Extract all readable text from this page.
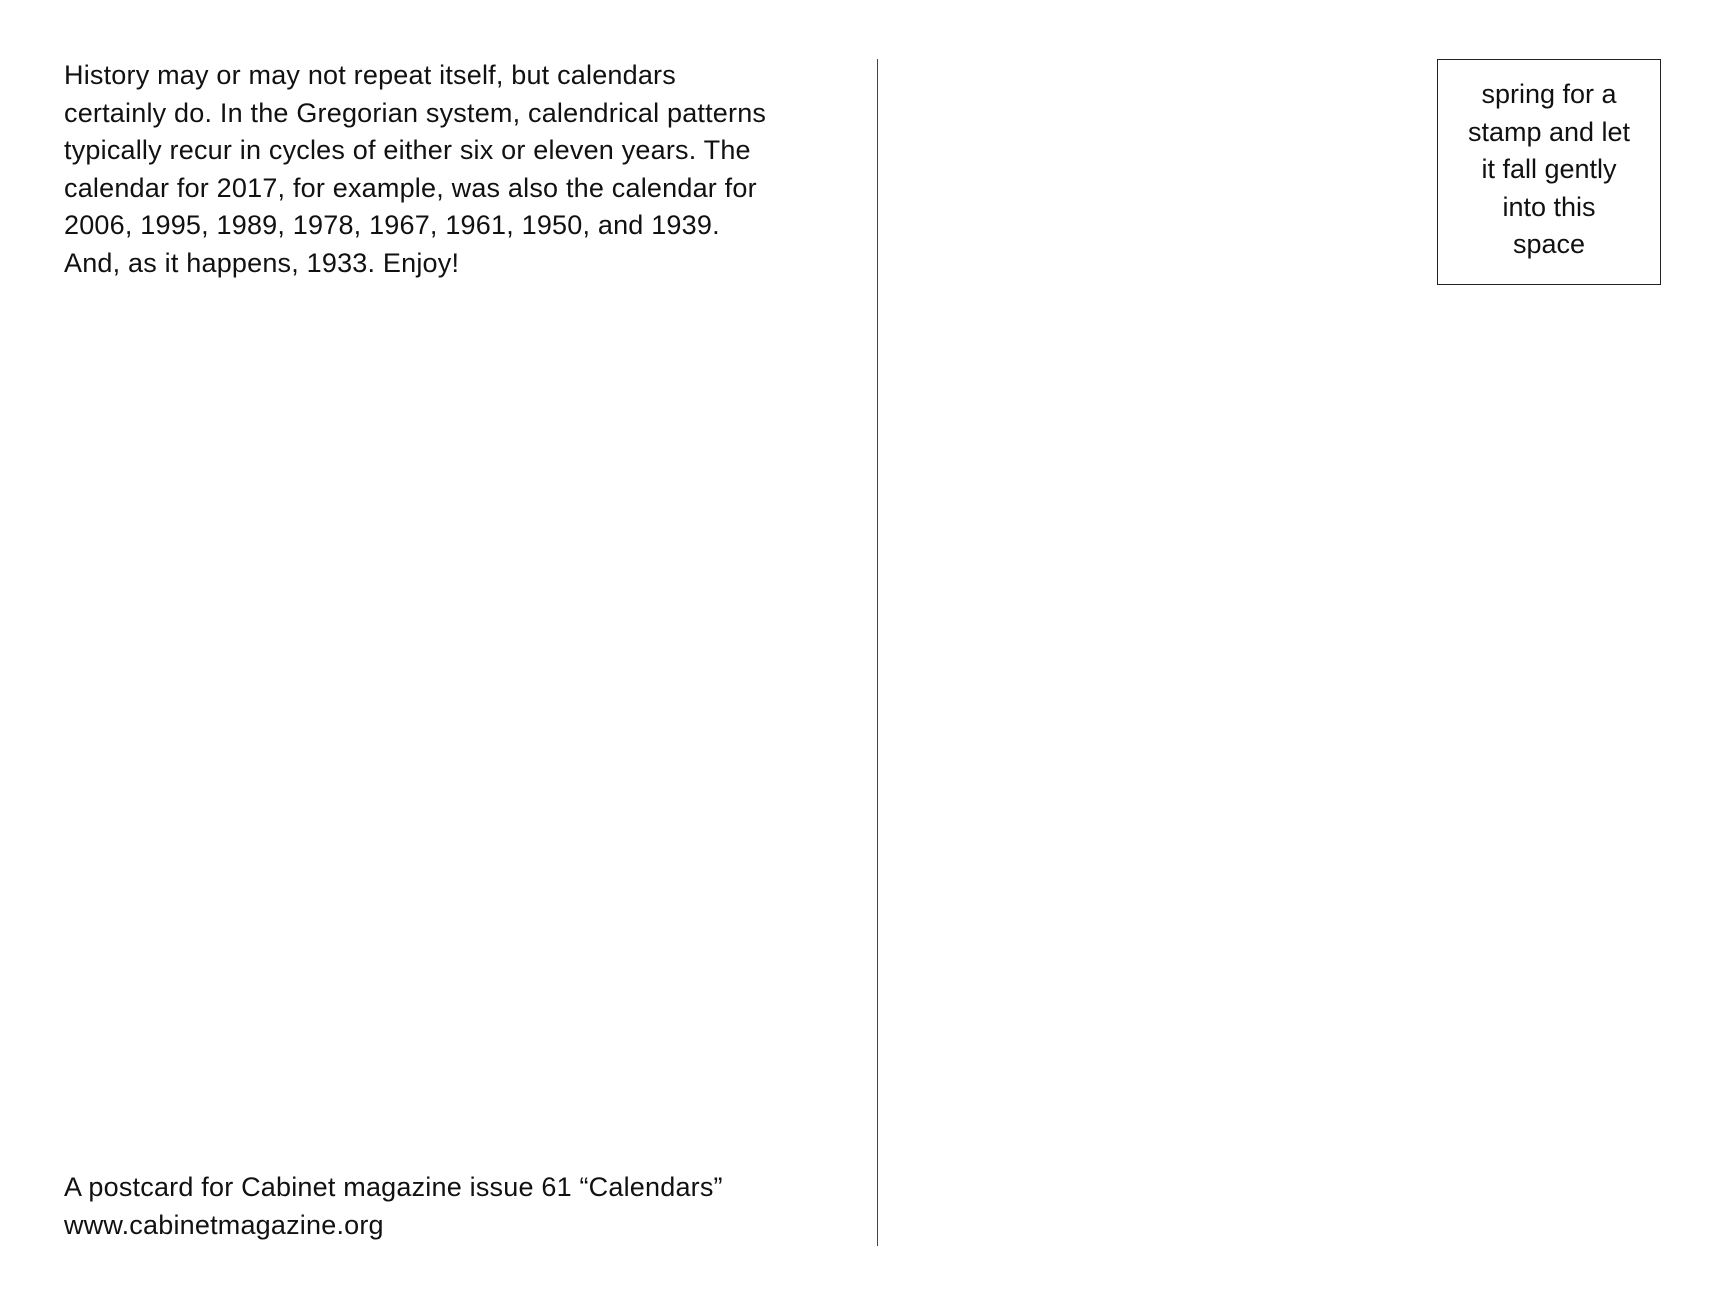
History may or may not repeat itself, but calendars
certainly do. In the Gregorian system, calendrical patterns
typically recur in cycles of either six or eleven years. The
calendar for 2017, for example, was also the calendar for
2006, 1995, 1989, 1978, 1967, 1961, 1950, and 1939.
And, as it happens, 1933. Enjoy!

spring for a
stamp and let
it fall gently
into this
space
A postcard for Cabinet magazine issue 61 “Calendars”
www.cabinetmagazine.org
